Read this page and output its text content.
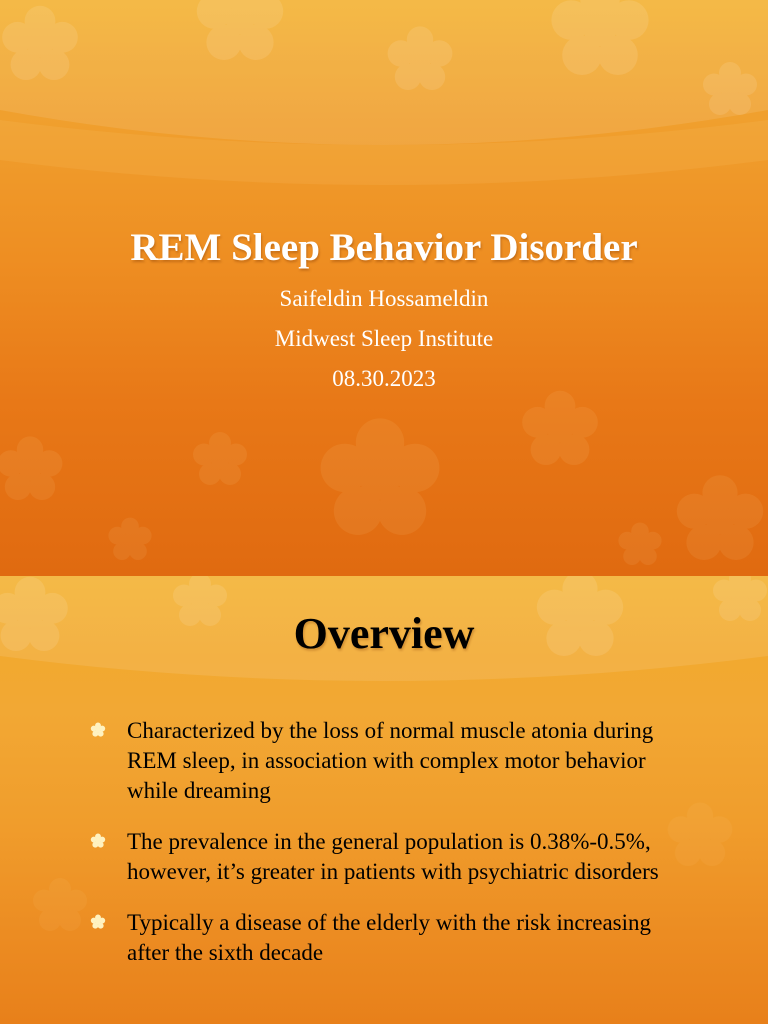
REM Sleep Behavior Disorder
Saifeldin Hossameldin
Midwest Sleep Institute
08.30.2023
Overview
Characterized by the loss of normal muscle atonia during REM sleep, in association with complex motor behavior while dreaming
The prevalence in the general population is 0.38%-0.5%, however, it’s greater in patients with psychiatric disorders
Typically a disease of the elderly with the risk increasing after the sixth decade
